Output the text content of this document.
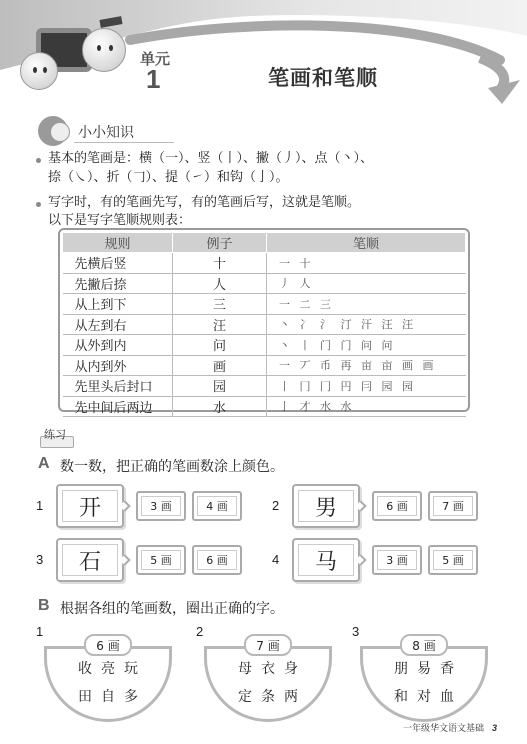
单元
1	笔画和笔顺
小小知识
基本的笔画是：横（一）、竖（丨）、撇（丿）、点（丶）、
捺（㇏）、折（𠃌）、提（㇀）和钩（亅）。
写字时，有的笔画先写，有的笔画后写，这就是笔顺。
以下是写字笔顺规则表：
规则	例子	笔顺
先横后竖	十	一 十
先撇后捺	人	丿 人
从上到下	三	一 二 三
从左到右	汪	丶 冫 氵 汀 汗 汪 汪
从外到内	问	丶 丨 门 门 问 问
从内到外	画	一 丆 币 再 亩 亩 画 画
先里头后封口	园	丨 冂 冂 円 冃 园 园
先中间后两边	水	亅 才 水 水
练习
A 数一数，把正确的笔画数涂上颜色。
1	开	3 画	4 画	2	男	6 画	7 画
3	石	5 画	6 画	4	马	3 画	5 画
B 根据各组的笔画数，圈出正确的字。
1
6 画
收亮玩
田自多
2
7 画
母衣身
定条两
3
8 画
朋易香
和对血
一年级华文语文基础 3
